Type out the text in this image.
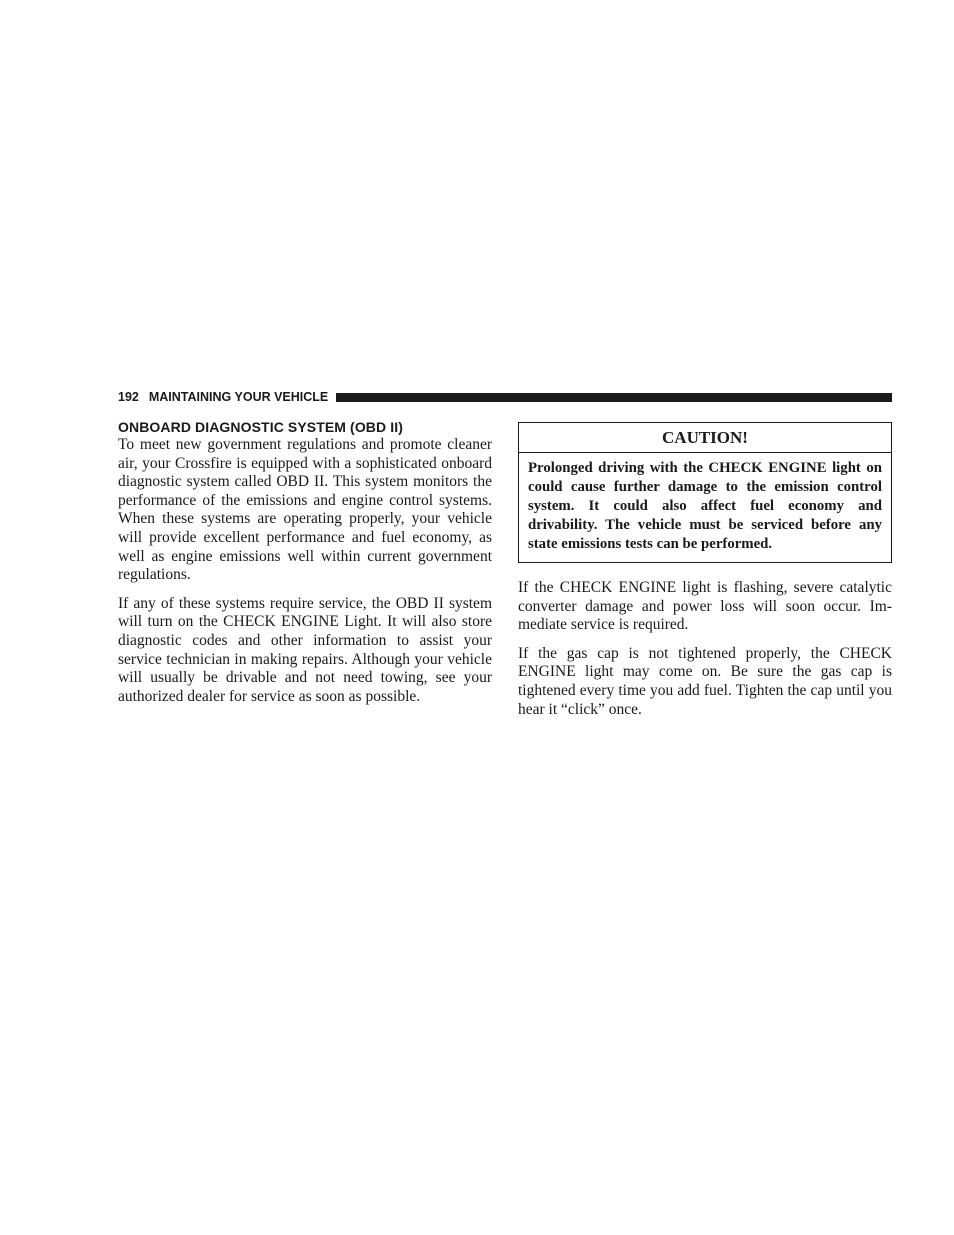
192 MAINTAINING YOUR VEHICLE
ONBOARD DIAGNOSTIC SYSTEM (OBD II)

To meet new government regulations and promote cleaner air, your Crossfire is equipped with a sophisticated onboard diagnostic system called OBD II. This system monitors the performance of the emissions and engine control systems. When these systems are operating properly, your vehicle will provide excellent performance and fuel economy, as well as engine emissions well within current government regulations.

If any of these systems require service, the OBD II system will turn on the CHECK ENGINE Light. It will also store diagnostic codes and other information to assist your service technician in making repairs. Although your vehicle will usually be drivable and not need towing, see your authorized dealer for service as soon as possible.

CAUTION!

Prolonged driving with the CHECK ENGINE light on could cause further damage to the emission control system. It could also affect fuel economy and drivability. The vehicle must be serviced before any state emissions tests can be performed.

If the CHECK ENGINE light is flashing, severe catalytic converter damage and power loss will soon occur. Immediate service is required.

If the gas cap is not tightened properly, the CHECK ENGINE light may come on. Be sure the gas cap is tightened every time you add fuel. Tighten the cap until you hear it “click” once.
